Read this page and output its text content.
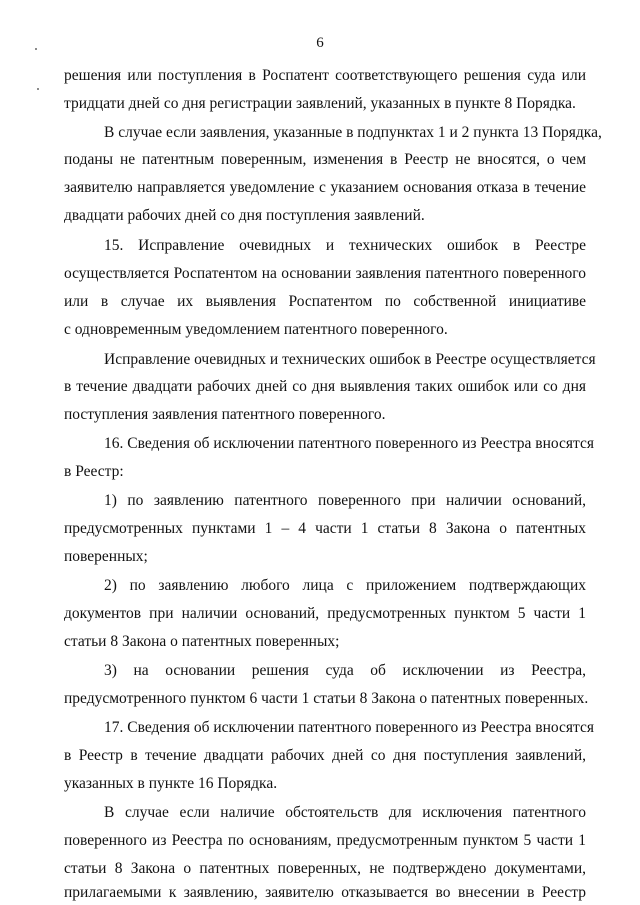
6
решения или поступления в Роспатент соответствующего решения суда или
тридцати дней со дня регистрации заявлений, указанных в пункте 8 Порядка.
В случае если заявления, указанные в подпунктах 1 и 2 пункта 13 Порядка,
поданы не патентным поверенным, изменения в Реестр не вносятся, о чем
заявителю направляется уведомление с указанием основания отказа в течение
двадцати рабочих дней со дня поступления заявлений.
15. Исправление очевидных и технических ошибок в Реестре
осуществляется Роспатентом на основании заявления патентного поверенного
или в случае их выявления Роспатентом по собственной инициативе
с одновременным уведомлением патентного поверенного.
Исправление очевидных и технических ошибок в Реестре осуществляется
в течение двадцати рабочих дней со дня выявления таких ошибок или со дня
поступления заявления патентного поверенного.
16. Сведения об исключении патентного поверенного из Реестра вносятся
в Реестр:
1) по заявлению патентного поверенного при наличии оснований,
предусмотренных пунктами 1 – 4 части 1 статьи 8 Закона о патентных
поверенных;
2) по заявлению любого лица с приложением подтверждающих
документов при наличии оснований, предусмотренных пунктом 5 части 1
статьи 8 Закона о патентных поверенных;
3) на основании решения суда об исключении из Реестра,
предусмотренного пунктом 6 части 1 статьи 8 Закона о патентных поверенных.
17. Сведения об исключении патентного поверенного из Реестра вносятся
в Реестр в течение двадцати рабочих дней со дня поступления заявлений,
указанных в пункте 16 Порядка.
В случае если наличие обстоятельств для исключения патентного
поверенного из Реестра по основаниям, предусмотренным пунктом 5 части 1
статьи 8 Закона о патентных поверенных, не подтверждено документами,
прилагаемыми к заявлению, заявителю отказывается во внесении в Реестр
